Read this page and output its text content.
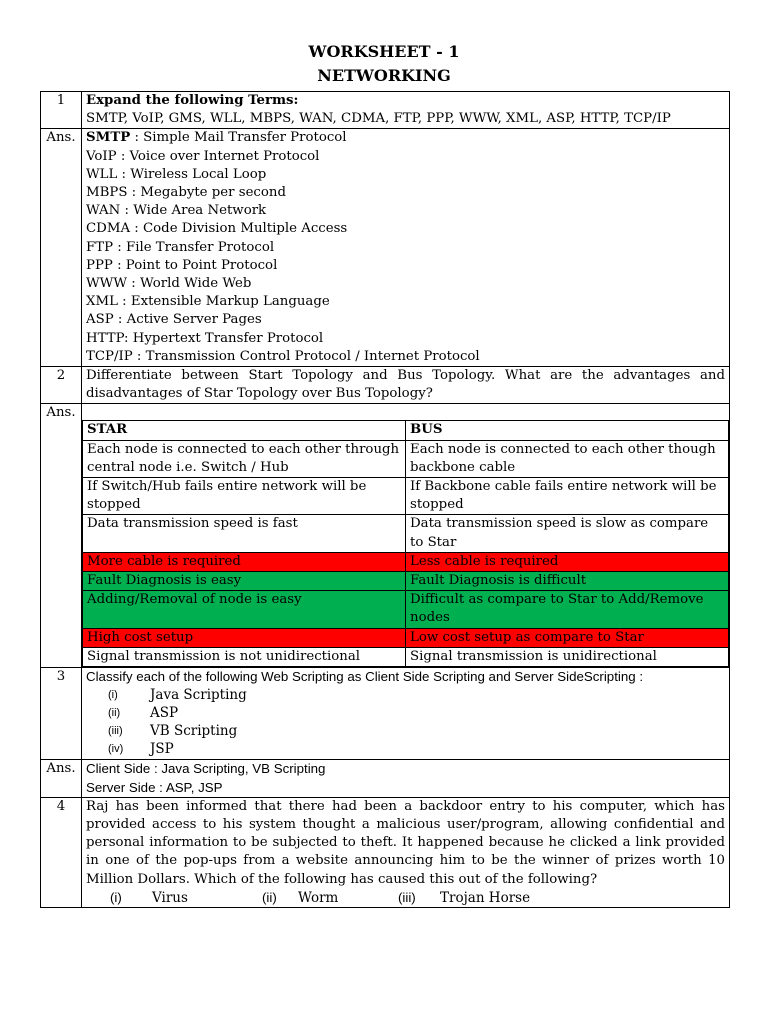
WORKSHEET - 1
NETWORKING
1	Expand the following Terms:
SMTP, VoIP, GMS, WLL, MBPS, WAN, CDMA, FTP, PPP, WWW, XML, ASP, HTTP, TCP/IP

Ans.	SMTP : Simple Mail Transfer Protocol
VoIP : Voice over Internet Protocol
WLL : Wireless Local Loop
MBPS : Megabyte per second
WAN : Wide Area Network
CDMA : Code Division Multiple Access
FTP : File Transfer Protocol
PPP : Point to Point Protocol
WWW : World Wide Web
XML : Extensible Markup Language
ASP : Active Server Pages
HTTP: Hypertext Transfer Protocol
TCP/IP : Transmission Control Protocol / Internet Protocol

2	Differentiate between Start Topology and Bus Topology. What are the advantages and disadvantages of Star Topology over Bus Topology?
Ans.	
STAR	BUS
Each node is connected to each other through central node i.e. Switch / Hub	Each node is connected to each other though backbone cable
If Switch/Hub fails entire network will be stopped	If Backbone cable fails entire network will be stopped
Data transmission speed is fast	Data transmission speed is slow as compare to Star
More cable is required	Less cable is required
Fault Diagnosis is easy	Fault Diagnosis is difficult
Adding/Removal of node is easy	Difficult as compare to Star to Add/Remove nodes
High cost setup	Low cost setup as compare to Star
Signal transmission is not unidirectional	Signal transmission is unidirectional

3	Classify each of the following Web Scripting as Client Side Scripting and Server SideScripting :
(i)	Java Scripting
(ii)	ASP
(iii)	VB Scripting
(iv)	JSP

Ans.	Client Side : Java Scripting, VB Scripting
Server Side : ASP, JSP

4	Raj has been informed that there had been a backdoor entry to his computer, which has provided access to his system thought a malicious user/program, allowing confidential and personal information to be subjected to theft. It happened because he clicked a link provided in one of the pop-ups from a website announcing him to be the winner of prizes worth 10 Million Dollars. Which of the following has caused this out of the following?
(i)	Virus	(ii)	Worm	(iii)	Trojan Horse
